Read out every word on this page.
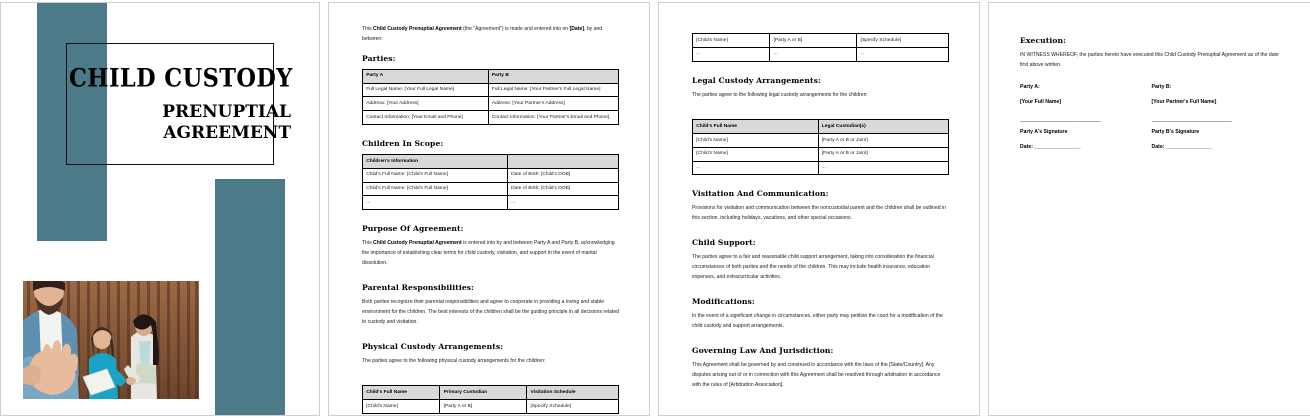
CHILD CUSTODY
PRENUPTIAL
AGREEMENT

This Child Custody Prenuptial Agreement (the "Agreement") is made and entered into on [Date], by and between:

Parties:
Party A	Party B
Full Legal Name: [Your Full Legal Name]	Full Legal Name: [Your Partner's Full Legal Name]
Address: [Your Address]	Address: [Your Partner's Address]
Contact Information: [Your Email and Phone]	Contact Information: [Your Partner's Email and Phone]
Children In Scope:
Children's Information	
Child's Full Name: [Child's Full Name]	Date of Birth: [Child's DOB]
Child's Full Name: [Child's Full Name]	Date of Birth: [Child's DOB]
...	...
Purpose Of Agreement:

This Child Custody Prenuptial Agreement is entered into by and between Party A and Party B, acknowledging the importance of establishing clear terms for child custody, visitation, and support in the event of marital dissolution.

Parental Responsibilities:

Both parties recognize their parental responsibilities and agree to cooperate in providing a loving and stable environment for the children. The best interests of the children shall be the guiding principle in all decisions related to custody and visitation.

Physical Custody Arrangements:

The parties agree to the following physical custody arrangements for the children:

Child's Full Name	Primary Custodian	Visitation Schedule
[Child's Name]	[Party A or B]	[Specify Schedule]
[Child's Name]	[Party A or B]	[Specify Schedule]
...	...	...
Legal Custody Arrangements:

The parties agree to the following legal custody arrangements for the children:

Child's Full Name	Legal Custodian(s)
[Child's Name]	[Party A or B or Joint]
[Child's Name]	[Party A or B or Joint]
...	...
Visitation And Communication:

Provisions for visitation and communication between the noncustodial parent and the children shall be outlined in this section, including holidays, vacations, and other special occasions.

Child Support:

The parties agree to a fair and reasonable child support arrangement, taking into consideration the financial circumstances of both parties and the needs of the children. This may include health insurance, education expenses, and extracurricular activities.

Modifications:

In the event of a significant change in circumstances, either party may petition the court for a modification of the child custody and support arrangements.

Governing Law And Jurisdiction:

This Agreement shall be governed by and construed in accordance with the laws of the [State/Country]. Any disputes arising out of or in connection with this Agreement shall be resolved through arbitration in accordance with the rules of [Arbitration Association].

Execution:

IN WITNESS WHEREOF, the parties hereto have executed this Child Custody Prenuptial Agreement as of the date first above written.

Party A:
[Your Full Name]
______________________________
Party A's Signature
Date: ________________
Party B:
[Your Partner's Full Name]
______________________________
Party B's Signature
Date: ________________
